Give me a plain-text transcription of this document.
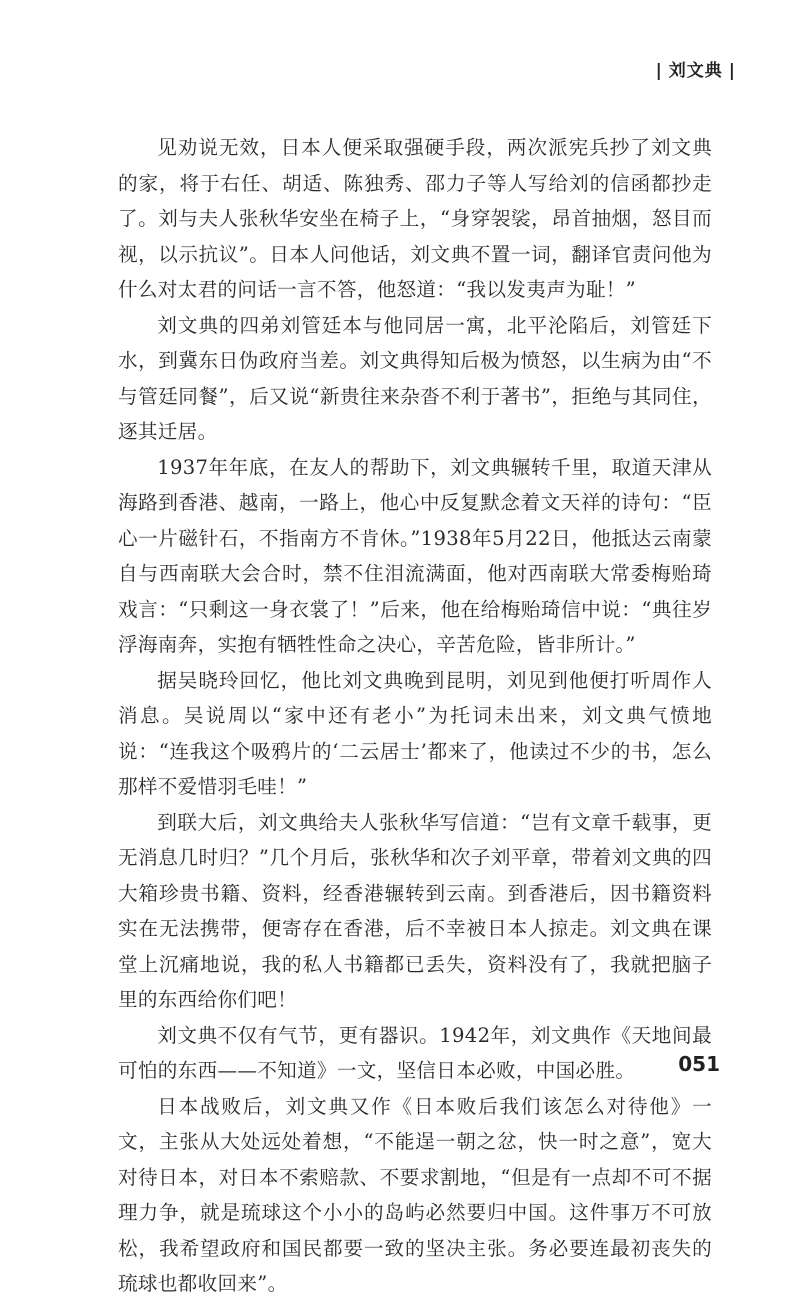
| 刘文典 |

见劝说无效，日本人便采取强硬手段，两次派宪兵抄了刘文典的家，将于右任、胡适、陈独秀、邵力子等人写给刘的信函都抄走了。刘与夫人张秋华安坐在椅子上，“身穿袈裟，昂首抽烟，怒目而视，以示抗议”。日本人问他话，刘文典不置一词，翻译官责问他为什么对太君的问话一言不答，他怒道：“我以发夷声为耻！”

刘文典的四弟刘管廷本与他同居一寓，北平沦陷后，刘管廷下水，到冀东日伪政府当差。刘文典得知后极为愤怒，以生病为由“不与管廷同餐”，后又说“新贵往来杂沓不利于著书”，拒绝与其同住，逐其迁居。

1937年年底，在友人的帮助下，刘文典辗转千里，取道天津从海路到香港、越南，一路上，他心中反复默念着文天祥的诗句：“臣心一片磁针石，不指南方不肯休。”1938年5月22日，他抵达云南蒙自与西南联大会合时，禁不住泪流满面，他对西南联大常委梅贻琦戏言：“只剩这一身衣裳了！”后来，他在给梅贻琦信中说：“典往岁浮海南奔，实抱有牺牲性命之决心，辛苦危险，皆非所计。”

据吴晓玲回忆，他比刘文典晚到昆明，刘见到他便打听周作人消息。吴说周以“家中还有老小”为托词未出来，刘文典气愤地说：“连我这个吸鸦片的‘二云居士’都来了，他读过不少的书，怎么那样不爱惜羽毛哇！”

到联大后，刘文典给夫人张秋华写信道：“岂有文章千载事，更无消息几时归？”几个月后，张秋华和次子刘平章，带着刘文典的四大箱珍贵书籍、资料，经香港辗转到云南。到香港后，因书籍资料实在无法携带，便寄存在香港，后不幸被日本人掠走。刘文典在课堂上沉痛地说，我的私人书籍都已丢失，资料没有了，我就把脑子里的东西给你们吧！

刘文典不仅有气节，更有器识。1942年，刘文典作《天地间最可怕的东西——不知道》一文，坚信日本必败，中国必胜。

日本战败后，刘文典又作《日本败后我们该怎么对待他》一文，主张从大处远处着想，“不能逞一朝之忿，快一时之意”，宽大对待日本，对日本不索赔款、不要求割地，“但是有一点却不可不据理力争，就是琉球这个小小的岛屿必然要归中国。这件事万不可放松，我希望政府和国民都要一致的坚决主张。务必要连最初丧失的琉球也都收回来”。

051
